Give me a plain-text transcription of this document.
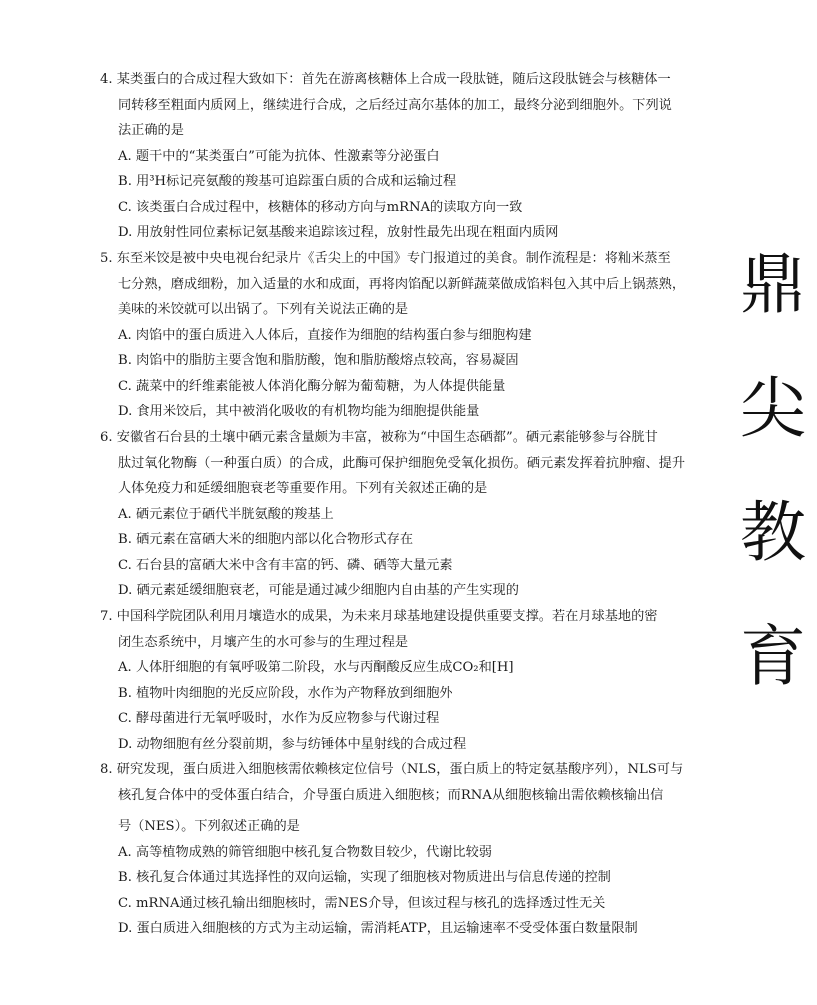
4. 某类蛋白的合成过程大致如下：首先在游离核糖体上合成一段肽链，随后这段肽链会与核糖体一
同转移至粗面内质网上，继续进行合成，之后经过高尔基体的加工，最终分泌到细胞外。下列说
法正确的是
A. 题干中的“某类蛋白”可能为抗体、性激素等分泌蛋白
B. 用³H标记亮氨酸的羧基可追踪蛋白质的合成和运输过程
C. 该类蛋白合成过程中，核糖体的移动方向与mRNA的读取方向一致
D. 用放射性同位素标记氨基酸来追踪该过程，放射性最先出现在粗面内质网
5. 东至米饺是被中央电视台纪录片《舌尖上的中国》专门报道过的美食。制作流程是：将籼米蒸至
七分熟，磨成细粉，加入适量的水和成面，再将肉馅配以新鲜蔬菜做成馅料包入其中后上锅蒸熟，
美味的米饺就可以出锅了。下列有关说法正确的是
A. 肉馅中的蛋白质进入人体后，直接作为细胞的结构蛋白参与细胞构建
B. 肉馅中的脂肪主要含饱和脂肪酸，饱和脂肪酸熔点较高，容易凝固
C. 蔬菜中的纤维素能被人体消化酶分解为葡萄糖，为人体提供能量
D. 食用米饺后，其中被消化吸收的有机物均能为细胞提供能量
6. 安徽省石台县的土壤中硒元素含量颇为丰富，被称为“中国生态硒都”。硒元素能够参与谷胱甘
肽过氧化物酶（一种蛋白质）的合成，此酶可保护细胞免受氧化损伤。硒元素发挥着抗肿瘤、提升
人体免疫力和延缓细胞衰老等重要作用。下列有关叙述正确的是
A. 硒元素位于硒代半胱氨酸的羧基上
B. 硒元素在富硒大米的细胞内部以化合物形式存在
C. 石台县的富硒大米中含有丰富的钙、磷、硒等大量元素
D. 硒元素延缓细胞衰老，可能是通过减少细胞内自由基的产生实现的
7. 中国科学院团队利用月壤造水的成果，为未来月球基地建设提供重要支撑。若在月球基地的密
闭生态系统中，月壤产生的水可参与的生理过程是
A. 人体肝细胞的有氧呼吸第二阶段，水与丙酮酸反应生成CO₂和[H]
B. 植物叶肉细胞的光反应阶段，水作为产物释放到细胞外
C. 酵母菌进行无氧呼吸时，水作为反应物参与代谢过程
D. 动物细胞有丝分裂前期，参与纺锤体中星射线的合成过程
8. 研究发现，蛋白质进入细胞核需依赖核定位信号（NLS，蛋白质上的特定氨基酸序列），NLS可与
核孔复合体中的受体蛋白结合，介导蛋白质进入细胞核；而RNA从细胞核输出需依赖核输出信
号（NES）。下列叙述正确的是
A. 高等植物成熟的筛管细胞中核孔复合物数目较少，代谢比较弱
B. 核孔复合体通过其选择性的双向运输，实现了细胞核对物质进出与信息传递的控制
C. mRNA通过核孔输出细胞核时，需NES介导，但该过程与核孔的选择透过性无关
D. 蛋白质进入细胞核的方式为主动运输，需消耗ATP，且运输速率不受受体蛋白数量限制
鼎
尖
教
育
